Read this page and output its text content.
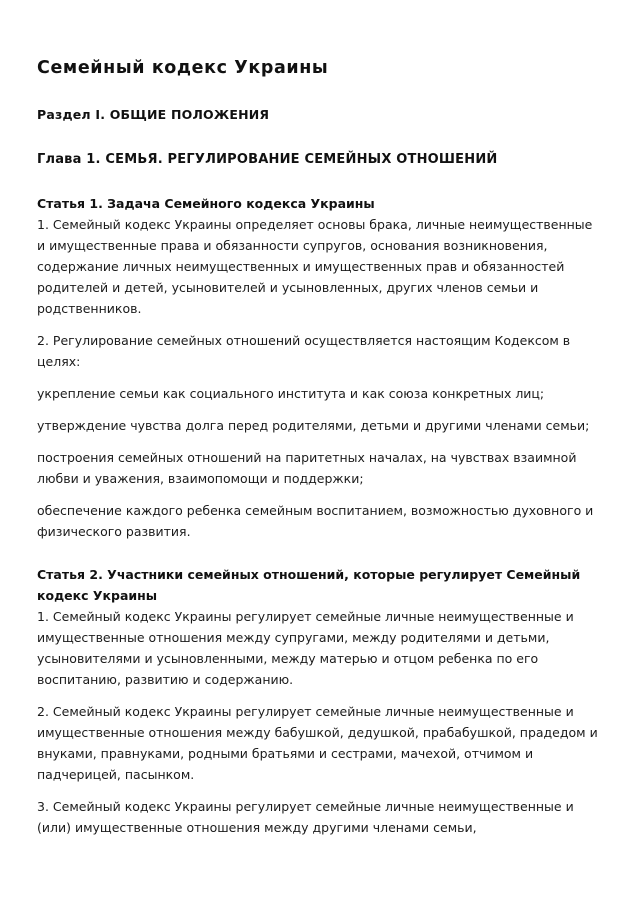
Семейный кодекс Украины
Раздел I. ОБЩИЕ ПОЛОЖЕНИЯ
Глава 1. СЕМЬЯ. РЕГУЛИРОВАНИЕ СЕМЕЙНЫХ ОТНОШЕНИЙ
Статья 1. Задача Семейного кодекса Украины

1. Семейный кодекс Украины определяет основы брака, личные неимущественные и имущественные права и обязанности супругов, основания возникновения, содержание личных неимущественных и имущественных прав и обязанностей родителей и детей, усыновителей и усыновленных, других членов семьи и родственников.

2. Регулирование семейных отношений осуществляется настоящим Кодексом в целях:

укрепление семьи как социального института и как союза конкретных лиц;

утверждение чувства долга перед родителями, детьми и другими членами семьи;

построения семейных отношений на паритетных началах, на чувствах взаимной любви и уважения, взаимопомощи и поддержки;

обеспечение каждого ребенка семейным воспитанием, возможностью духовного и физического развития.

Статья 2. Участники семейных отношений, которые регулирует Семейный кодекс Украины

1. Семейный кодекс Украины регулирует семейные личные неимущественные и имущественные отношения между супругами, между родителями и детьми, усыновителями и усыновленными, между матерью и отцом ребенка по его воспитанию, развитию и содержанию.

2. Семейный кодекс Украины регулирует семейные личные неимущественные и имущественные отношения между бабушкой, дедушкой, прабабушкой, прадедом и внуками, правнуками, родными братьями и сестрами, мачехой, отчимом и падчерицей, пасынком.

3. Семейный кодекс Украины регулирует семейные личные неимущественные и (или) имущественные отношения между другими членами семьи,
